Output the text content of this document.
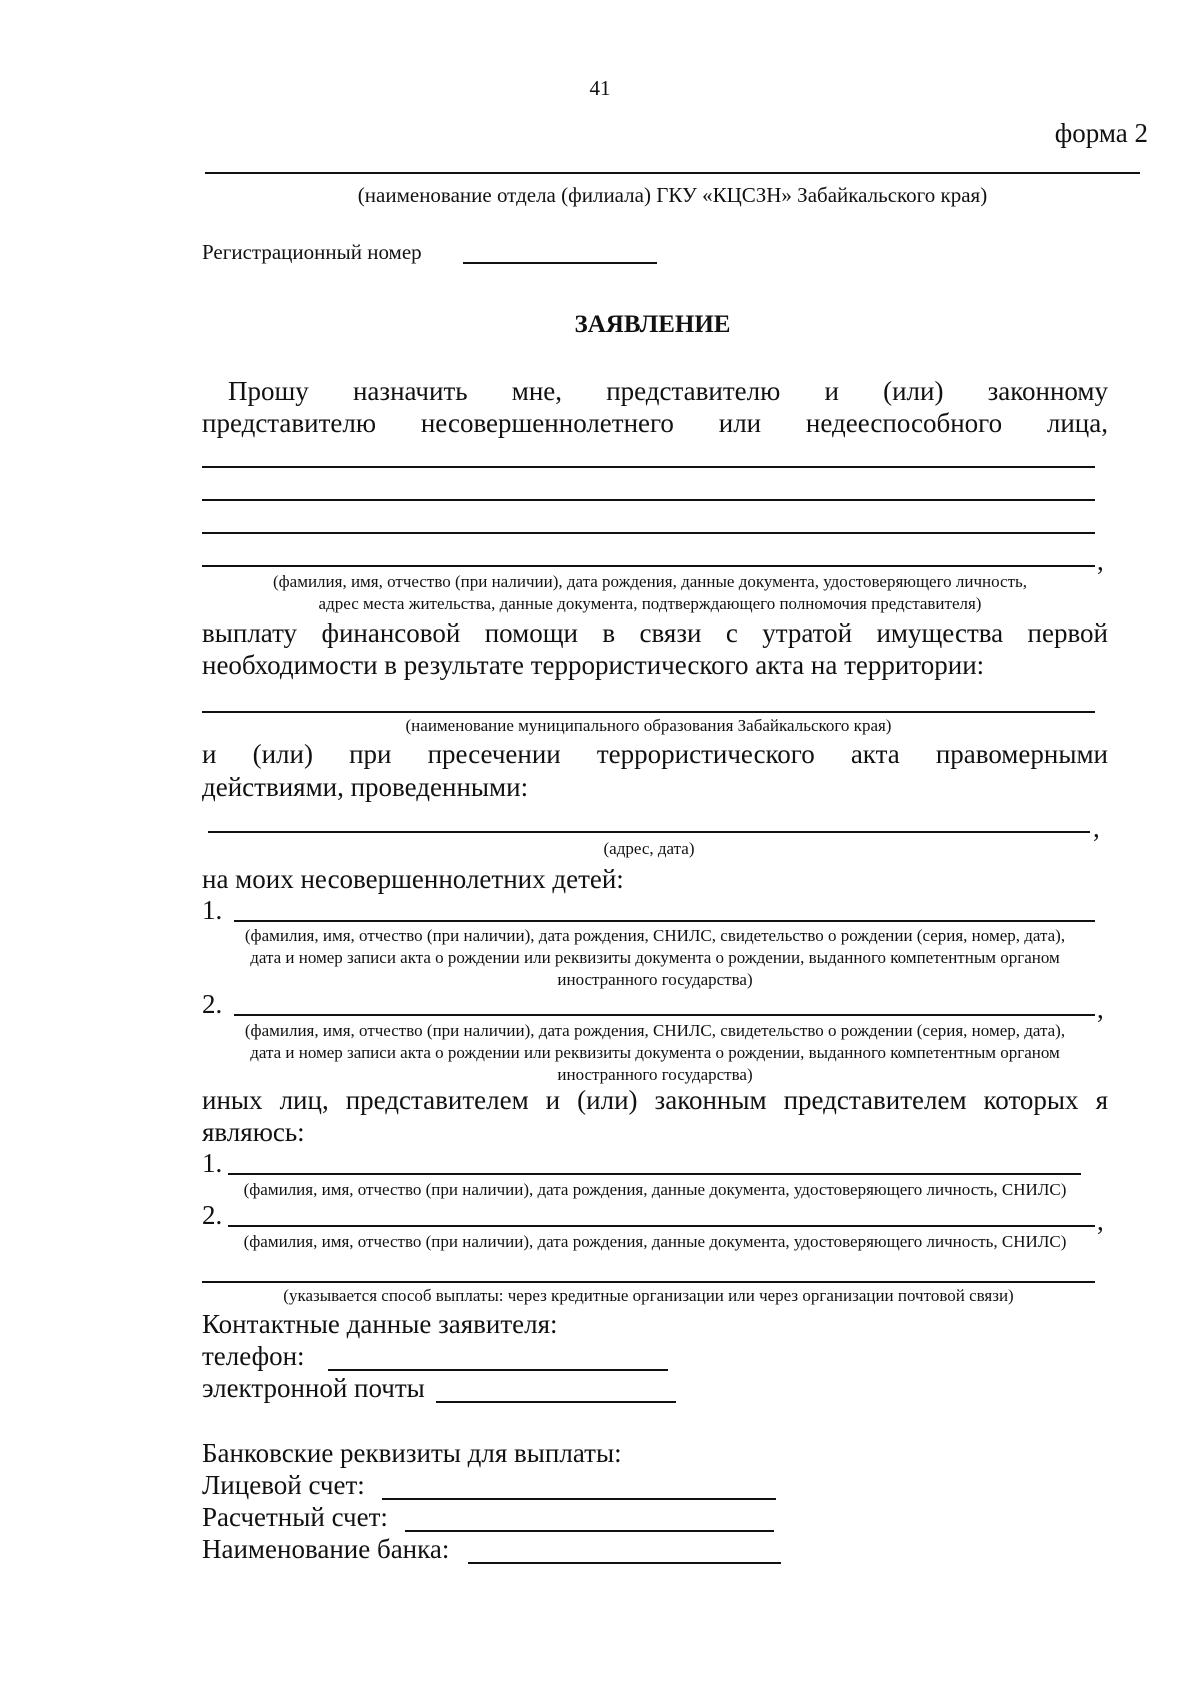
41
форма 2
(наименование отдела (филиала) ГКУ «КЦСЗН» Забайкальского края)
Регистрационный номер
ЗАЯВЛЕНИЕ
Прошу назначить мне, представителю и (или) законному
представителю несовершеннолетнего или недееспособного лица,
,
(фамилия, имя, отчество (при наличии), дата рождения, данные документа, удостоверяющего личность,
адрес места жительства, данные документа, подтверждающего полномочия представителя)
выплату финансовой помощи в связи с утратой имущества первой
необходимости в результате террористического акта на территории:
(наименование муниципального образования Забайкальского края)
и (или) при пресечении террористического акта правомерными
действиями, проведенными:
,
(адрес, дата)
на моих несовершеннолетних детей:
1.
(фамилия, имя, отчество (при наличии), дата рождения, СНИЛС, свидетельство о рождении (серия, номер, дата),
дата и номер записи акта о рождении или реквизиты документа о рождении, выданного компетентным органом
иностранного государства)
2.	,
(фамилия, имя, отчество (при наличии), дата рождения, СНИЛС, свидетельство о рождении (серия, номер, дата),
дата и номер записи акта о рождении или реквизиты документа о рождении, выданного компетентным органом
иностранного государства)
иных лиц, представителем и (или) законным представителем которых я
являюсь:
1.
(фамилия, имя, отчество (при наличии), дата рождения, данные документа, удостоверяющего личность, СНИЛС)
2.	,
(фамилия, имя, отчество (при наличии), дата рождения, данные документа, удостоверяющего личность, СНИЛС)
(указывается способ выплаты: через кредитные организации или через организации почтовой связи)
Контактные данные заявителя:
телефон:
электронной почты
Банковские реквизиты для выплаты:
Лицевой счет:
Расчетный счет:
Наименование банка:
